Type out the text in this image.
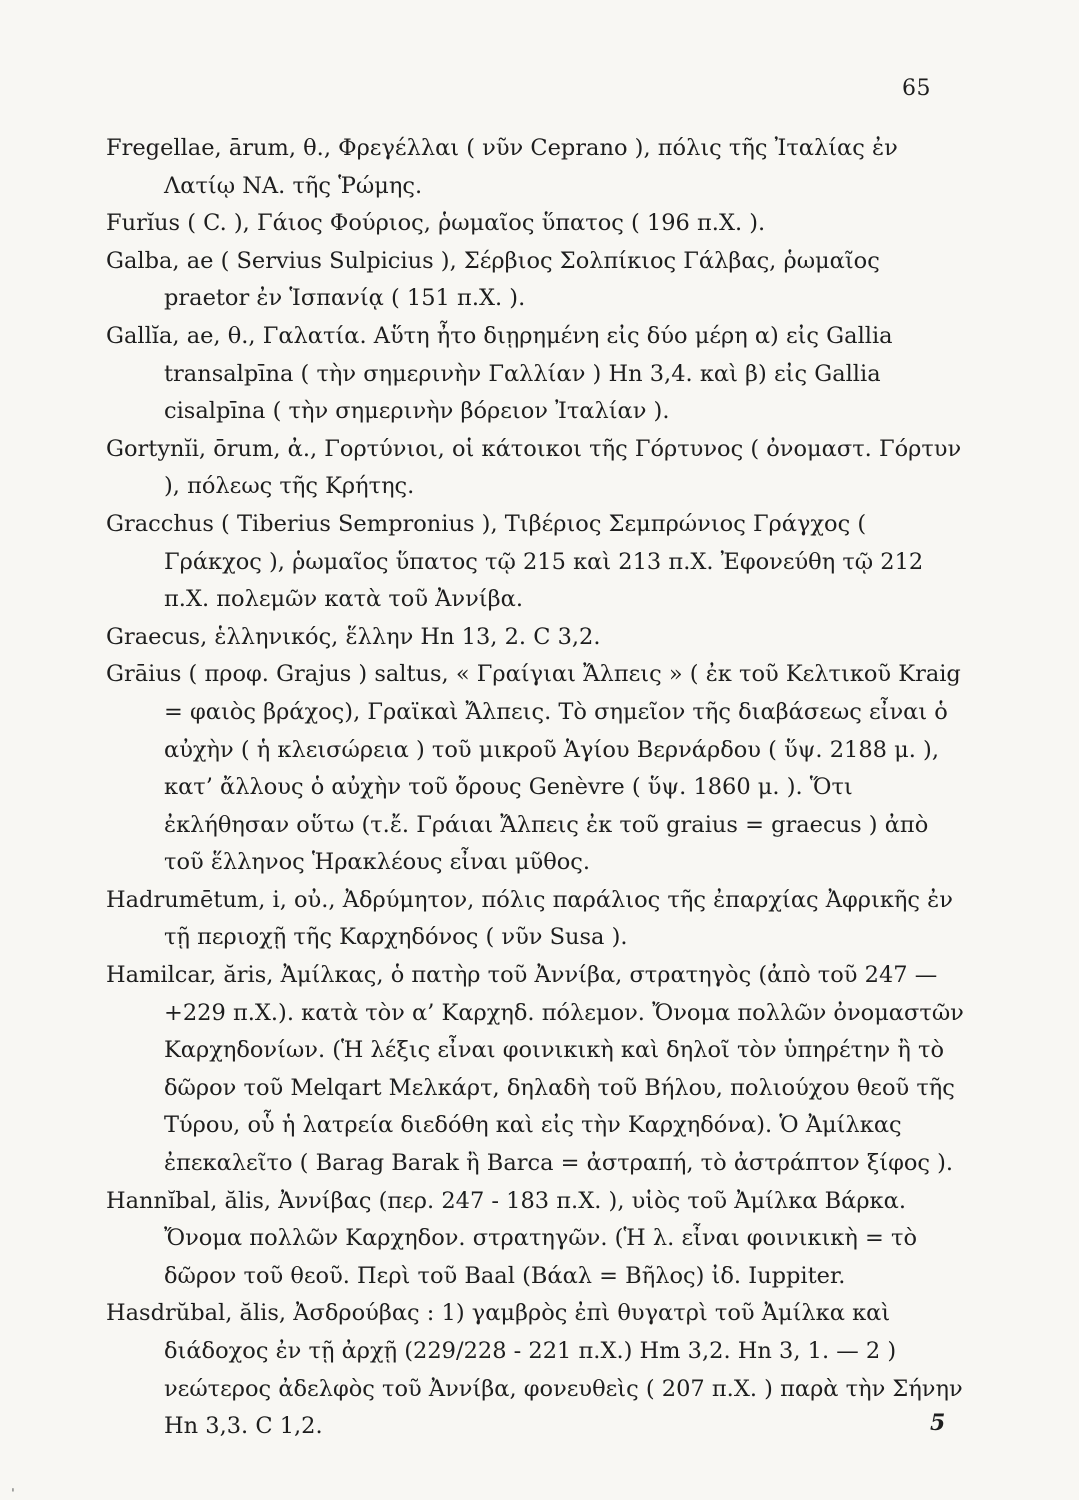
65

Fregellae, ārum, θ., Φρεγέλλαι ( νῦν Ceprano ), πόλις τῆς Ἰταλίας ἐν Λατίῳ ΝΑ. τῆς Ῥώμης.

Furĭus ( C. ), Γάιος Φούριος, ῥωμαῖος ὕπατος ( 196 π.Χ. ).

Galba, ae ( Servius Sulpicius ), Σέρβιος Σολπίκιος Γάλβας, ῥωμαῖος praetor ἐν Ἱσπανίᾳ ( 151 π.Χ. ).

Gallĭa, ae, θ., Γαλατία. Αὕτη ἦτο διῃρημένη εἰς δύο μέρη α) εἰς Gallia transalpīna ( τὴν σημερινὴν Γαλλίαν ) Hn 3,4. καὶ β) εἰς Gallia cisalpīna ( τὴν σημερινὴν βόρειον Ἰταλίαν ).

Gortynĭi, ōrum, ἀ., Γορτύνιοι, οἱ κάτοικοι τῆς Γόρτυνος ( ὀνομαστ. Γόρτυν ), πόλεως τῆς Κρήτης.

Gracchus ( Tiberius Sempronius ), Τιβέριος Σεμπρώνιος Γράγχος ( Γράκχος ), ῥωμαῖος ὕπατος τῷ 215 καὶ 213 π.Χ. Ἐφονεύθη τῷ 212 π.Χ. πολεμῶν κατὰ τοῦ Ἀννίβα.

Graecus, ἑλληνικός, ἕλλην Hn 13, 2. C 3,2.

Grāius ( προφ. Grajus ) saltus, « Γραίγιαι Ἄλπεις » ( ἐκ τοῦ Κελτικοῦ Kraig = φαιὸς βράχος), Γραϊκαὶ Ἄλπεις. Τὸ σημεῖον τῆς διαβάσεως εἶναι ὁ αὐχὴν ( ἡ κλεισώρεια ) τοῦ μικροῦ Ἁγίου Βερνάρδου ( ὕψ. 2188 μ. ), κατ’ ἄλλους ὁ αὐχὴν τοῦ ὄρους Genèvre ( ὕψ. 1860 μ. ). Ὅτι ἐκλήθησαν οὕτω (τ.ἔ. Γράιαι Ἄλπεις ἐκ τοῦ graius = graecus ) ἀπὸ τοῦ ἕλληνος Ἡρακλέους εἶναι μῦθος.

Hadrumētum, i, οὐ., Ἀδρύμητον, πόλις παράλιος τῆς ἐπαρχίας Ἀφρικῆς ἐν τῇ περιοχῇ τῆς Καρχηδόνος ( νῦν Susa ).

Hamilcar, ăris, Ἀμίλκας, ὁ πατὴρ τοῦ Ἀννίβα, στρατηγὸς (ἀπὸ τοῦ 247 —+229 π.Χ.). κατὰ τὸν α’ Καρχηδ. πόλεμον. Ὄνομα πολλῶν ὀνομαστῶν Καρχηδονίων. (Ἡ λέξις εἶναι φοινικικὴ καὶ δηλοῖ τὸν ὑπηρέτην ἢ τὸ δῶρον τοῦ Melqart Μελκάρτ, δηλαδὴ τοῦ Βήλου, πολιούχου θεοῦ τῆς Τύρου, οὗ ἡ λατρεία διεδόθη καὶ εἰς τὴν Καρχηδόνα). Ὁ Ἀμίλκας ἐπεκαλεῖτο ( Barag Barak ἢ Barca = ἀστραπή, τὸ ἀστράπτον ξίφος ).

Hannĭbal, ălis, Ἀννίβας (περ. 247 - 183 π.Χ. ), υἱὸς τοῦ Ἀμίλκα Βάρκα. Ὄνομα πολλῶν Καρχηδον. στρατηγῶν. (Ἡ λ. εἶναι φοινικικὴ = τὸ δῶρον τοῦ θεοῦ. Περὶ τοῦ Baal (Βάαλ = Βῆλος) ἰδ. Iuppiter.

Hasdrŭbal, ălis, Ἀσδρούβας : 1) γαμβρὸς ἐπὶ θυγατρὶ τοῦ Ἀμίλκα καὶ διάδοχος ἐν τῇ ἀρχῇ (229/228 - 221 π.Χ.) Hm 3,2. Hn 3, 1. — 2 ) νεώτερος ἀδελφὸς τοῦ Ἀννίβα, φονευθεὶς ( 207 π.Χ. ) παρὰ τὴν Σήνην Hn 3,3. C 1,2.	5
ˌ
